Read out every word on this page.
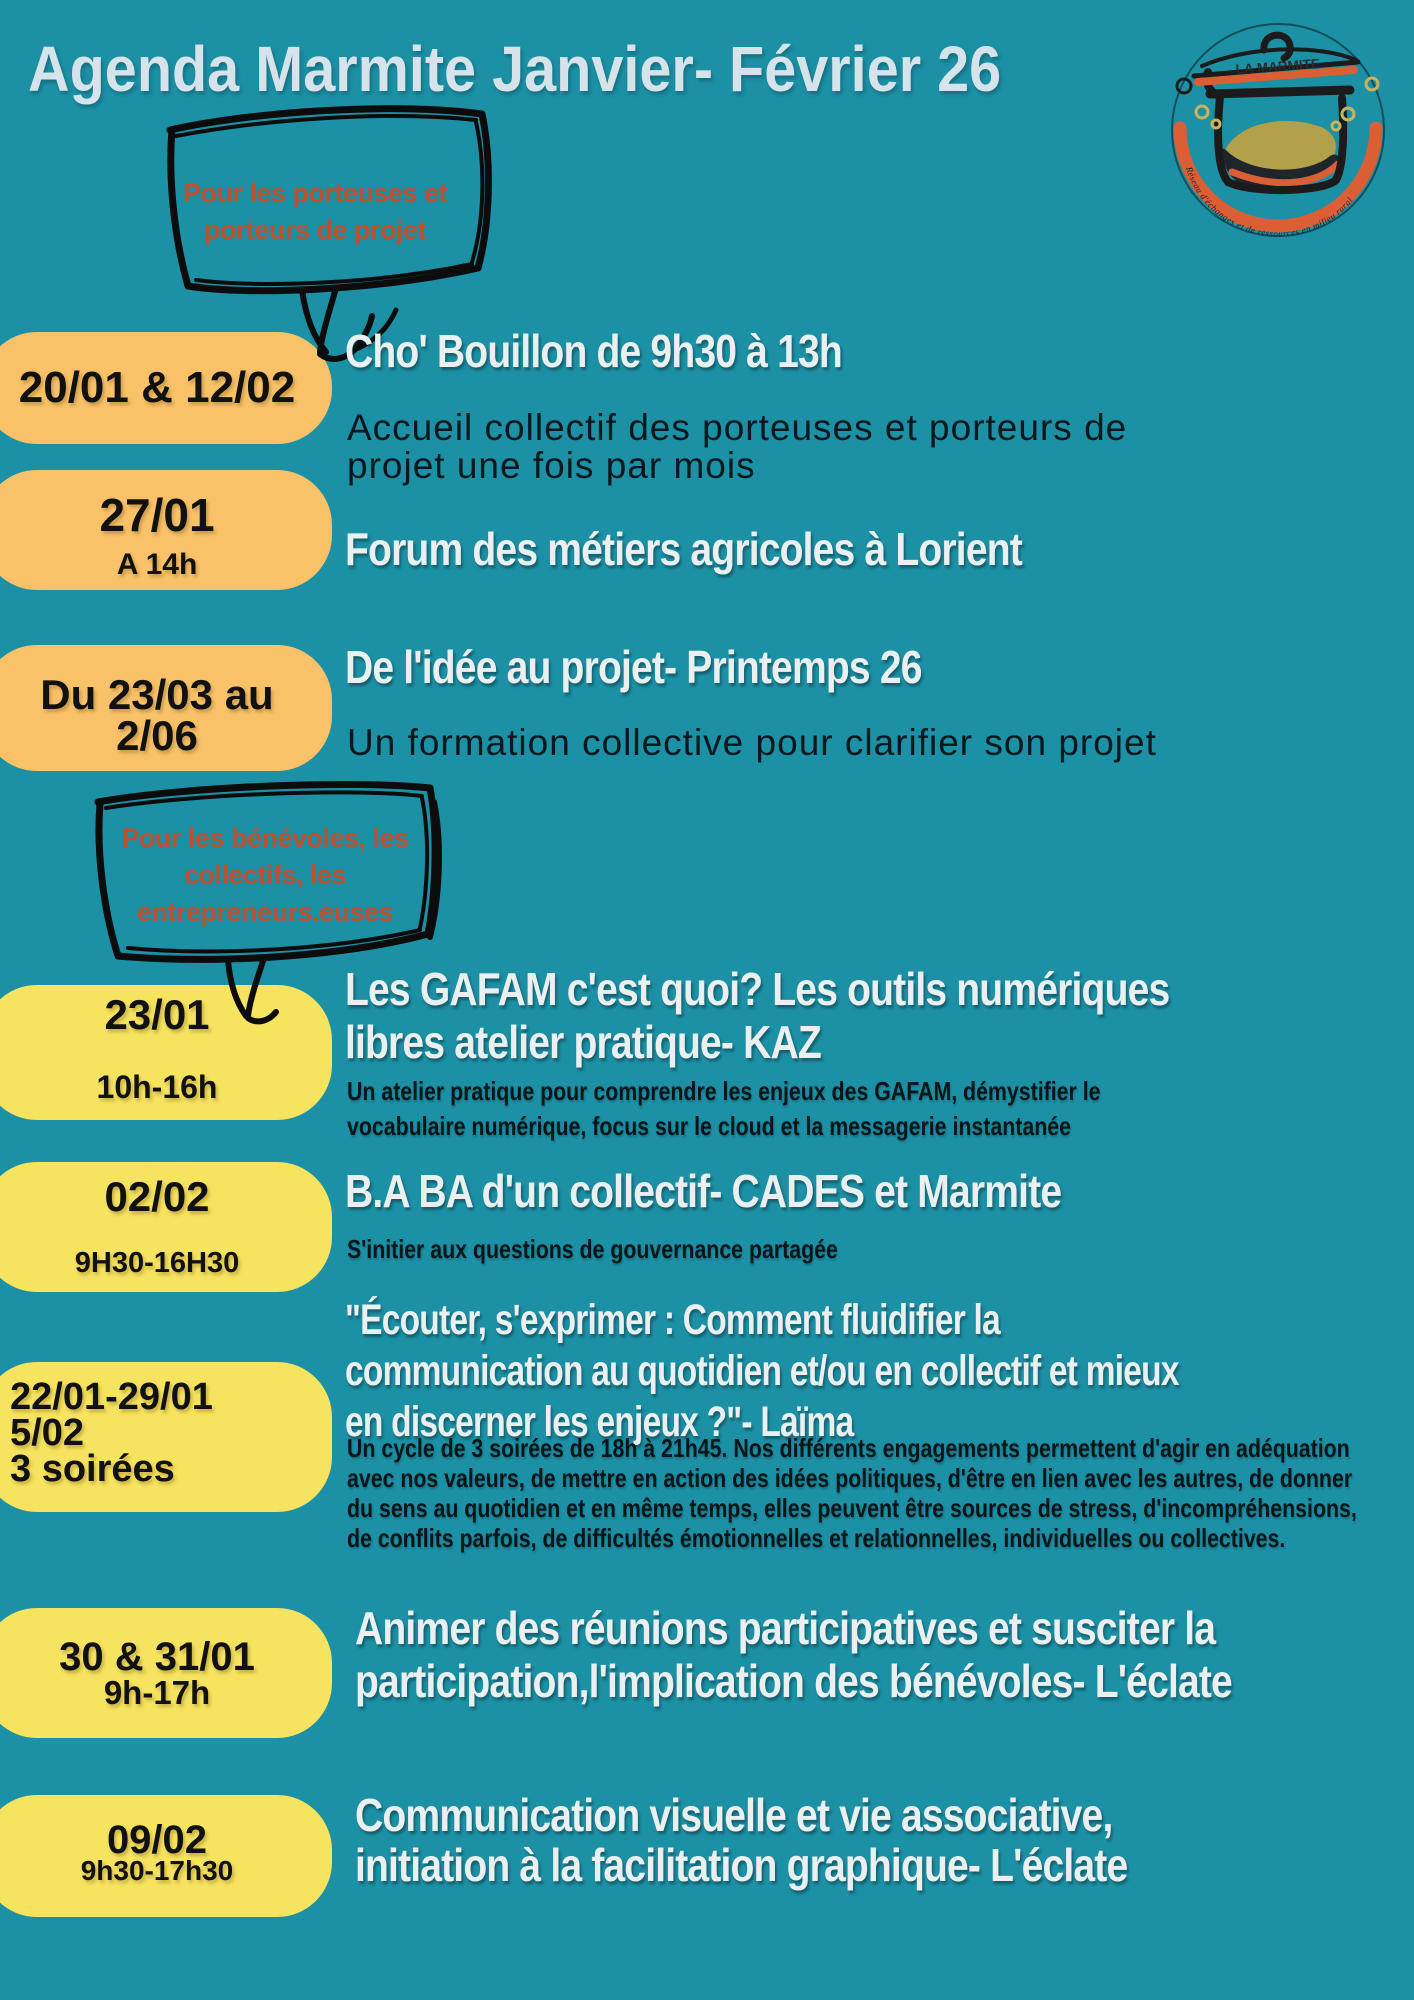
Agenda Marmite Janvier- Février 26	LA MARMITE
Réseau d'échanges et de ressources en milieu rural
20/01 & 12/02
27/01
A 14h
Du 23/03 au
2/06
23/01
10h-16h
02/02
9H30-16H30
22/01-29/01
5/02
3 soirées
30 & 31/01
9h-17h
09/02
9h30-17h30
Pour les porteuses et
porteurs de projet
Pour les bénévoles, les
collectifs, les
entrepreneurs.euses
Cho' Bouillon de 9h30 à 13h
Accueil collectif des porteuses et porteurs de
projet une fois par mois
Forum des métiers agricoles à Lorient
De l'idée au projet- Printemps 26
Un formation collective pour clarifier son projet
Les GAFAM c'est quoi? Les outils numériques
libres atelier pratique- KAZ
Un atelier pratique pour comprendre les enjeux des GAFAM, démystifier le
vocabulaire numérique, focus sur le cloud et la messagerie instantanée
B.A BA d'un collectif- CADES et Marmite
S'initier aux questions de gouvernance partagée
"Écouter, s'exprimer : Comment fluidifier la
communication au quotidien et/ou en collectif et mieux
en discerner les enjeux ?"- Laïma
Un cycle de 3 soirées de 18h à 21h45. Nos différents engagements permettent d'agir en adéquation
avec nos valeurs, de mettre en action des idées politiques, d'être en lien avec les autres, de donner
du sens au quotidien et en même temps, elles peuvent être sources de stress, d'incompréhensions,
de conflits parfois, de difficultés émotionnelles et relationnelles, individuelles ou collectives.
Animer des réunions participatives et susciter la
participation,l'implication des bénévoles- L'éclate
Communication visuelle et vie associative,
initiation à la facilitation graphique- L'éclate
